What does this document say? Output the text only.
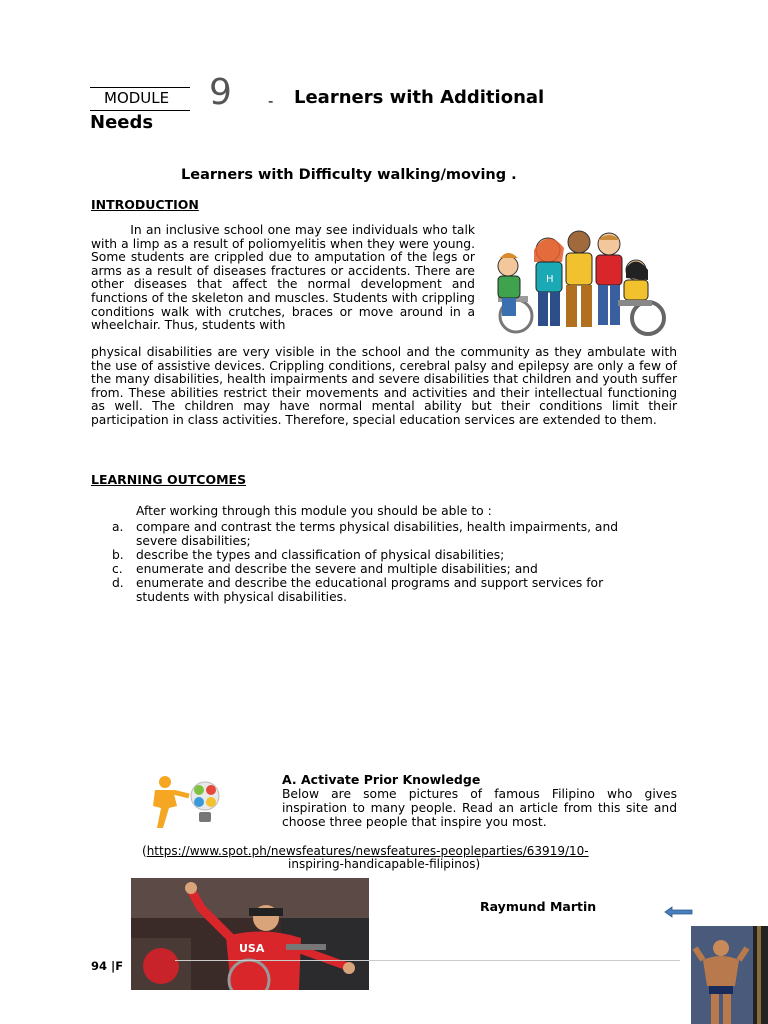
MODULE 9 - Learners with Additional
Needs
Learners with Difficulty walking/moving .
INTRODUCTION
In an inclusive school one may see individuals who talk with a limp as a result of poliomyelitis when they were young. Some students are crippled due to amputation of the legs or arms as a result of diseases fractures or accidents. There are other diseases that affect the normal development and functions of the skeleton and muscles. Students with crippling conditions walk with crutches, braces or move around in a wheelchair. Thus, students with
physical disabilities are very visible in the school and the community as they ambulate with the use of assistive devices. Crippling conditions, cerebral palsy and epilepsy are only a few of the many disabilities, health impairments and severe disabilities that children and youth suffer from. These abilities restrict their movements and activities and their intellectual functioning as well. The children may have normal mental ability but their conditions limit their participation in class activities. Therefore, special education services are extended to them.
H
LEARNING OUTCOMES
After working through this module you should be able to :
a. compare and contrast the terms physical disabilities, health impairments, and severe disabilities;
b. describe the types and classification of physical disabilities;
c. enumerate and describe the severe and multiple disabilities; and
d. enumerate and describe the educational programs and support services for students with physical disabilities.
A. Activate Prior Knowledge
Below are some pictures of famous Filipino who gives inspiration to many people. Read an article from this site and choose three people that inspire you most.
(https://www.spot.ph/newsfeatures/newsfeatures-peopleparties/63919/10-
inspiring-handicapable-filipinos)
USA
Raymund Martin
94 |F
